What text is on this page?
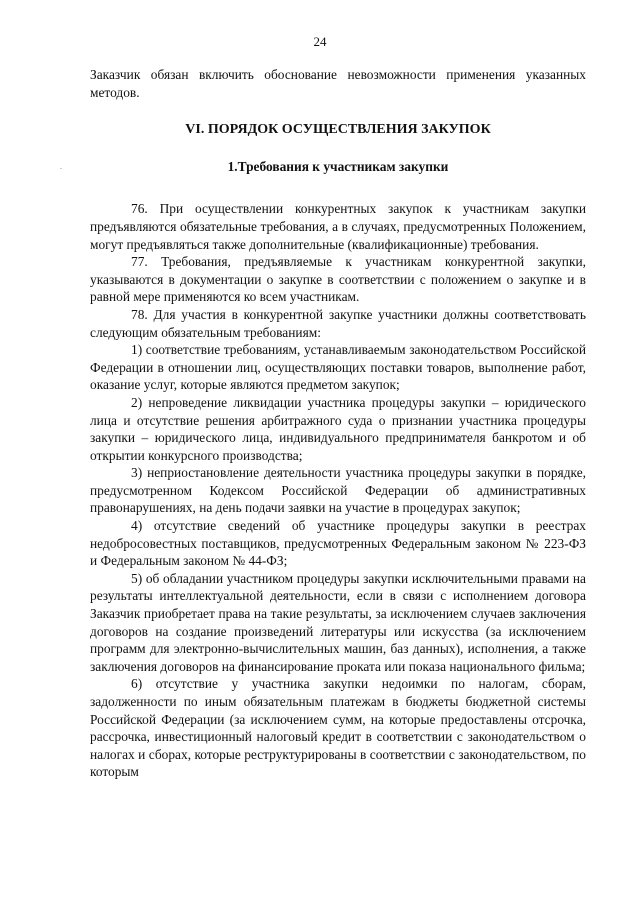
24

Заказчик обязан включить обоснование невозможности применения указанных методов.

VI. ПОРЯДОК ОСУЩЕСТВЛЕНИЯ ЗАКУПОК

1.Требования к участникам закупки

76. При осуществлении конкурентных закупок к участникам закупки предъявляются обязательные требования, а в случаях, предусмотренных Положением, могут предъявляться также дополнительные (квалификационные) требования.

77. Требования, предъявляемые к участникам конкурентной закупки, указываются в документации о закупке в соответствии с положением о закупке и в равной мере применяются ко всем участникам.

78. Для участия в конкурентной закупке участники должны соответствовать следующим обязательным требованиям:

1) соответствие требованиям, устанавливаемым законодательством Российской Федерации в отношении лиц, осуществляющих поставки товаров, выполнение работ, оказание услуг, которые являются предметом закупок;

2) непроведение ликвидации участника процедуры закупки – юридического лица и отсутствие решения арбитражного суда о признании участника процедуры закупки – юридического лица, индивидуального предпринимателя банкротом и об открытии конкурсного производства;

3) неприостановление деятельности участника процедуры закупки в порядке, предусмотренном Кодексом Российской Федерации об административных правонарушениях, на день подачи заявки на участие в процедурах закупок;

4) отсутствие сведений об участнике процедуры закупки в реестрах недобросовестных поставщиков, предусмотренных Федеральным законом № 223-ФЗ и Федеральным законом № 44-ФЗ;

5) об обладании участником процедуры закупки исключительными правами на результаты интеллектуальной деятельности, если в связи с исполнением договора Заказчик приобретает права на такие результаты, за исключением случаев заключения договоров на создание произведений литературы или искусства (за исключением программ для электронно-вычислительных машин, баз данных), исполнения, а также заключения договоров на финансирование проката или показа национального фильма;

6) отсутствие у участника закупки недоимки по налогам, сборам, задолженности по иным обязательным платежам в бюджеты бюджетной системы Российской Федерации (за исключением сумм, на которые предоставлены отсрочка, рассрочка, инвестиционный налоговый кредит в соответствии с законодательством о налогах и сборах, которые реструктурированы в соответствии с законодательством, по которым
